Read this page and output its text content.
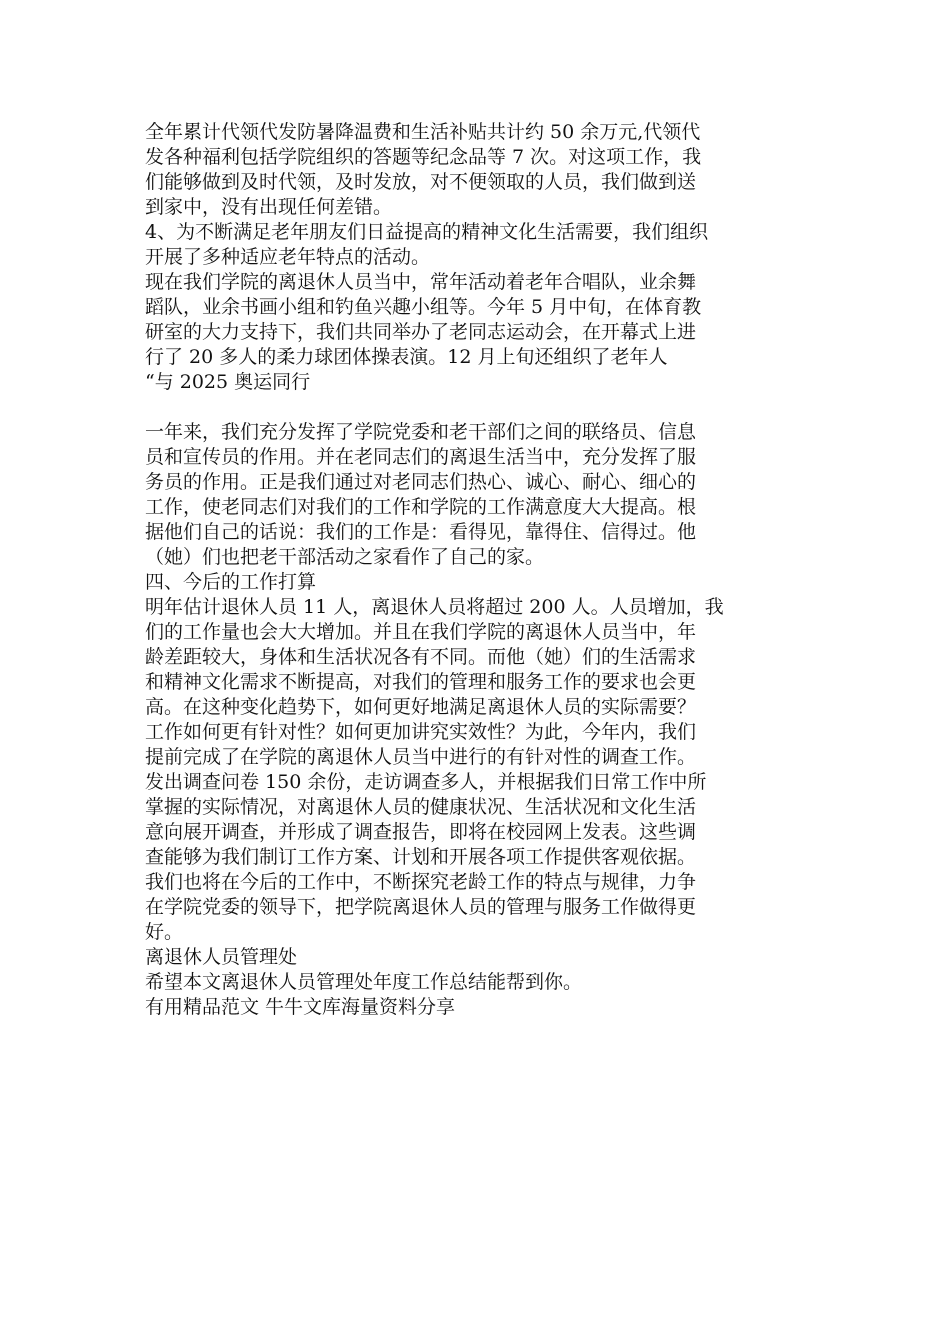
全年累计代领代发防暑降温费和生活补贴共计约 50 余万元,代领代
发各种福利包括学院组织的答题等纪念品等 7 次。对这项工作，我
们能够做到及时代领，及时发放，对不便领取的人员，我们做到送
到家中，没有出现任何差错。
4、为不断满足老年朋友们日益提高的精神文化生活需要，我们组织
开展了多种适应老年特点的活动。
现在我们学院的离退休人员当中，常年活动着老年合唱队，业余舞
蹈队，业余书画小组和钓鱼兴趣小组等。今年 5 月中旬，在体育教
研室的大力支持下，我们共同举办了老同志运动会，在开幕式上进
行了 20 多人的柔力球团体操表演。12 月上旬还组织了老年人
“与 2025 奥运同行
一年来，我们充分发挥了学院党委和老干部们之间的联络员、信息
员和宣传员的作用。并在老同志们的离退生活当中，充分发挥了服
务员的作用。正是我们通过对老同志们热心、诚心、耐心、细心的
工作，使老同志们对我们的工作和学院的工作满意度大大提高。根
据他们自己的话说：我们的工作是：看得见，靠得住、信得过。他
（她）们也把老干部活动之家看作了自己的家。
四、今后的工作打算
明年估计退休人员 11 人，离退休人员将超过 200 人。人员增加，我
们的工作量也会大大增加。并且在我们学院的离退休人员当中，年
龄差距较大，身体和生活状况各有不同。而他（她）们的生活需求
和精神文化需求不断提高，对我们的管理和服务工作的要求也会更
高。在这种变化趋势下，如何更好地满足离退休人员的实际需要？
工作如何更有针对性？如何更加讲究实效性？为此，今年内，我们
提前完成了在学院的离退休人员当中进行的有针对性的调查工作。
发出调查问卷 150 余份，走访调查多人，并根据我们日常工作中所
掌握的实际情况，对离退休人员的健康状况、生活状况和文化生活
意向展开调查，并形成了调查报告，即将在校园网上发表。这些调
查能够为我们制订工作方案、计划和开展各项工作提供客观依据。
我们也将在今后的工作中，不断探究老龄工作的特点与规律，力争
在学院党委的领导下，把学院离退休人员的管理与服务工作做得更
好。
离退休人员管理处
希望本文离退休人员管理处年度工作总结能帮到你。
有用精品范文 牛牛文库海量资料分享
